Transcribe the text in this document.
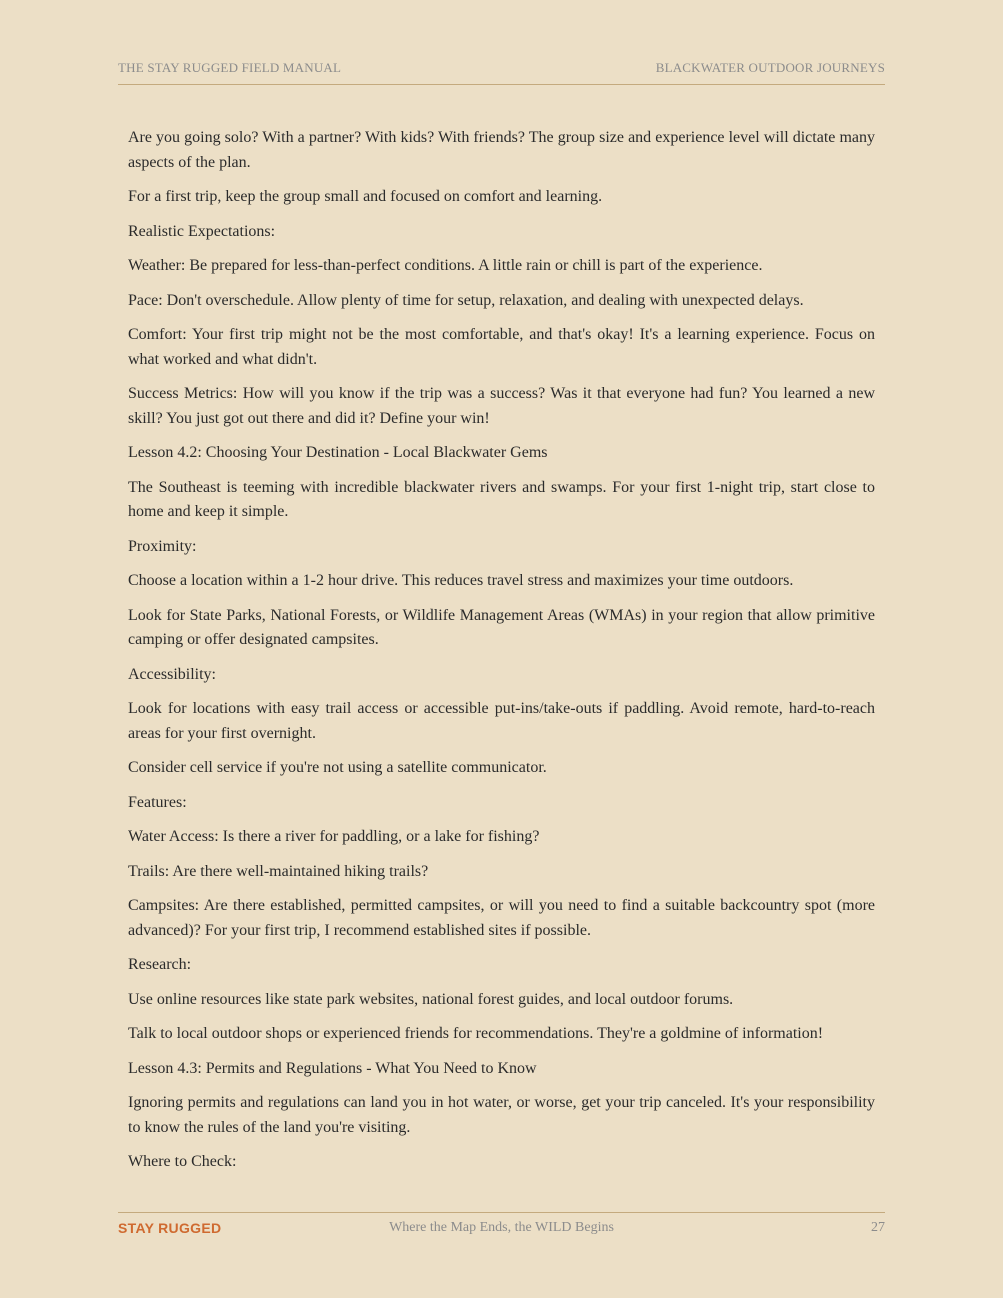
THE STAY RUGGED FIELD MANUAL	BLACKWATER OUTDOOR JOURNEYS

Are you going solo? With a partner? With kids? With friends? The group size and experience level will dictate many aspects of the plan.

For a first trip, keep the group small and focused on comfort and learning.

Realistic Expectations:

Weather: Be prepared for less-than-perfect conditions. A little rain or chill is part of the experience.

Pace: Don't overschedule. Allow plenty of time for setup, relaxation, and dealing with unexpected delays.

Comfort: Your first trip might not be the most comfortable, and that's okay! It's a learning experience. Focus on what worked and what didn't.

Success Metrics: How will you know if the trip was a success? Was it that everyone had fun? You learned a new skill? You just got out there and did it? Define your win!

Lesson 4.2: Choosing Your Destination - Local Blackwater Gems

The Southeast is teeming with incredible blackwater rivers and swamps. For your first 1-night trip, start close to home and keep it simple.

Proximity:

Choose a location within a 1-2 hour drive. This reduces travel stress and maximizes your time outdoors.

Look for State Parks, National Forests, or Wildlife Management Areas (WMAs) in your region that allow primitive camping or offer designated campsites.

Accessibility:

Look for locations with easy trail access or accessible put-ins/take-outs if paddling. Avoid remote, hard-to-reach areas for your first overnight.

Consider cell service if you're not using a satellite communicator.

Features:

Water Access: Is there a river for paddling, or a lake for fishing?

Trails: Are there well-maintained hiking trails?

Campsites: Are there established, permitted campsites, or will you need to find a suitable backcountry spot (more advanced)? For your first trip, I recommend established sites if possible.

Research:

Use online resources like state park websites, national forest guides, and local outdoor forums.

Talk to local outdoor shops or experienced friends for recommendations. They're a goldmine of information!

Lesson 4.3: Permits and Regulations - What You Need to Know

Ignoring permits and regulations can land you in hot water, or worse, get your trip canceled. It's your responsibility to know the rules of the land you're visiting.

Where to Check:

STAY RUGGED	Where the Map Ends, the WILD Begins	27
